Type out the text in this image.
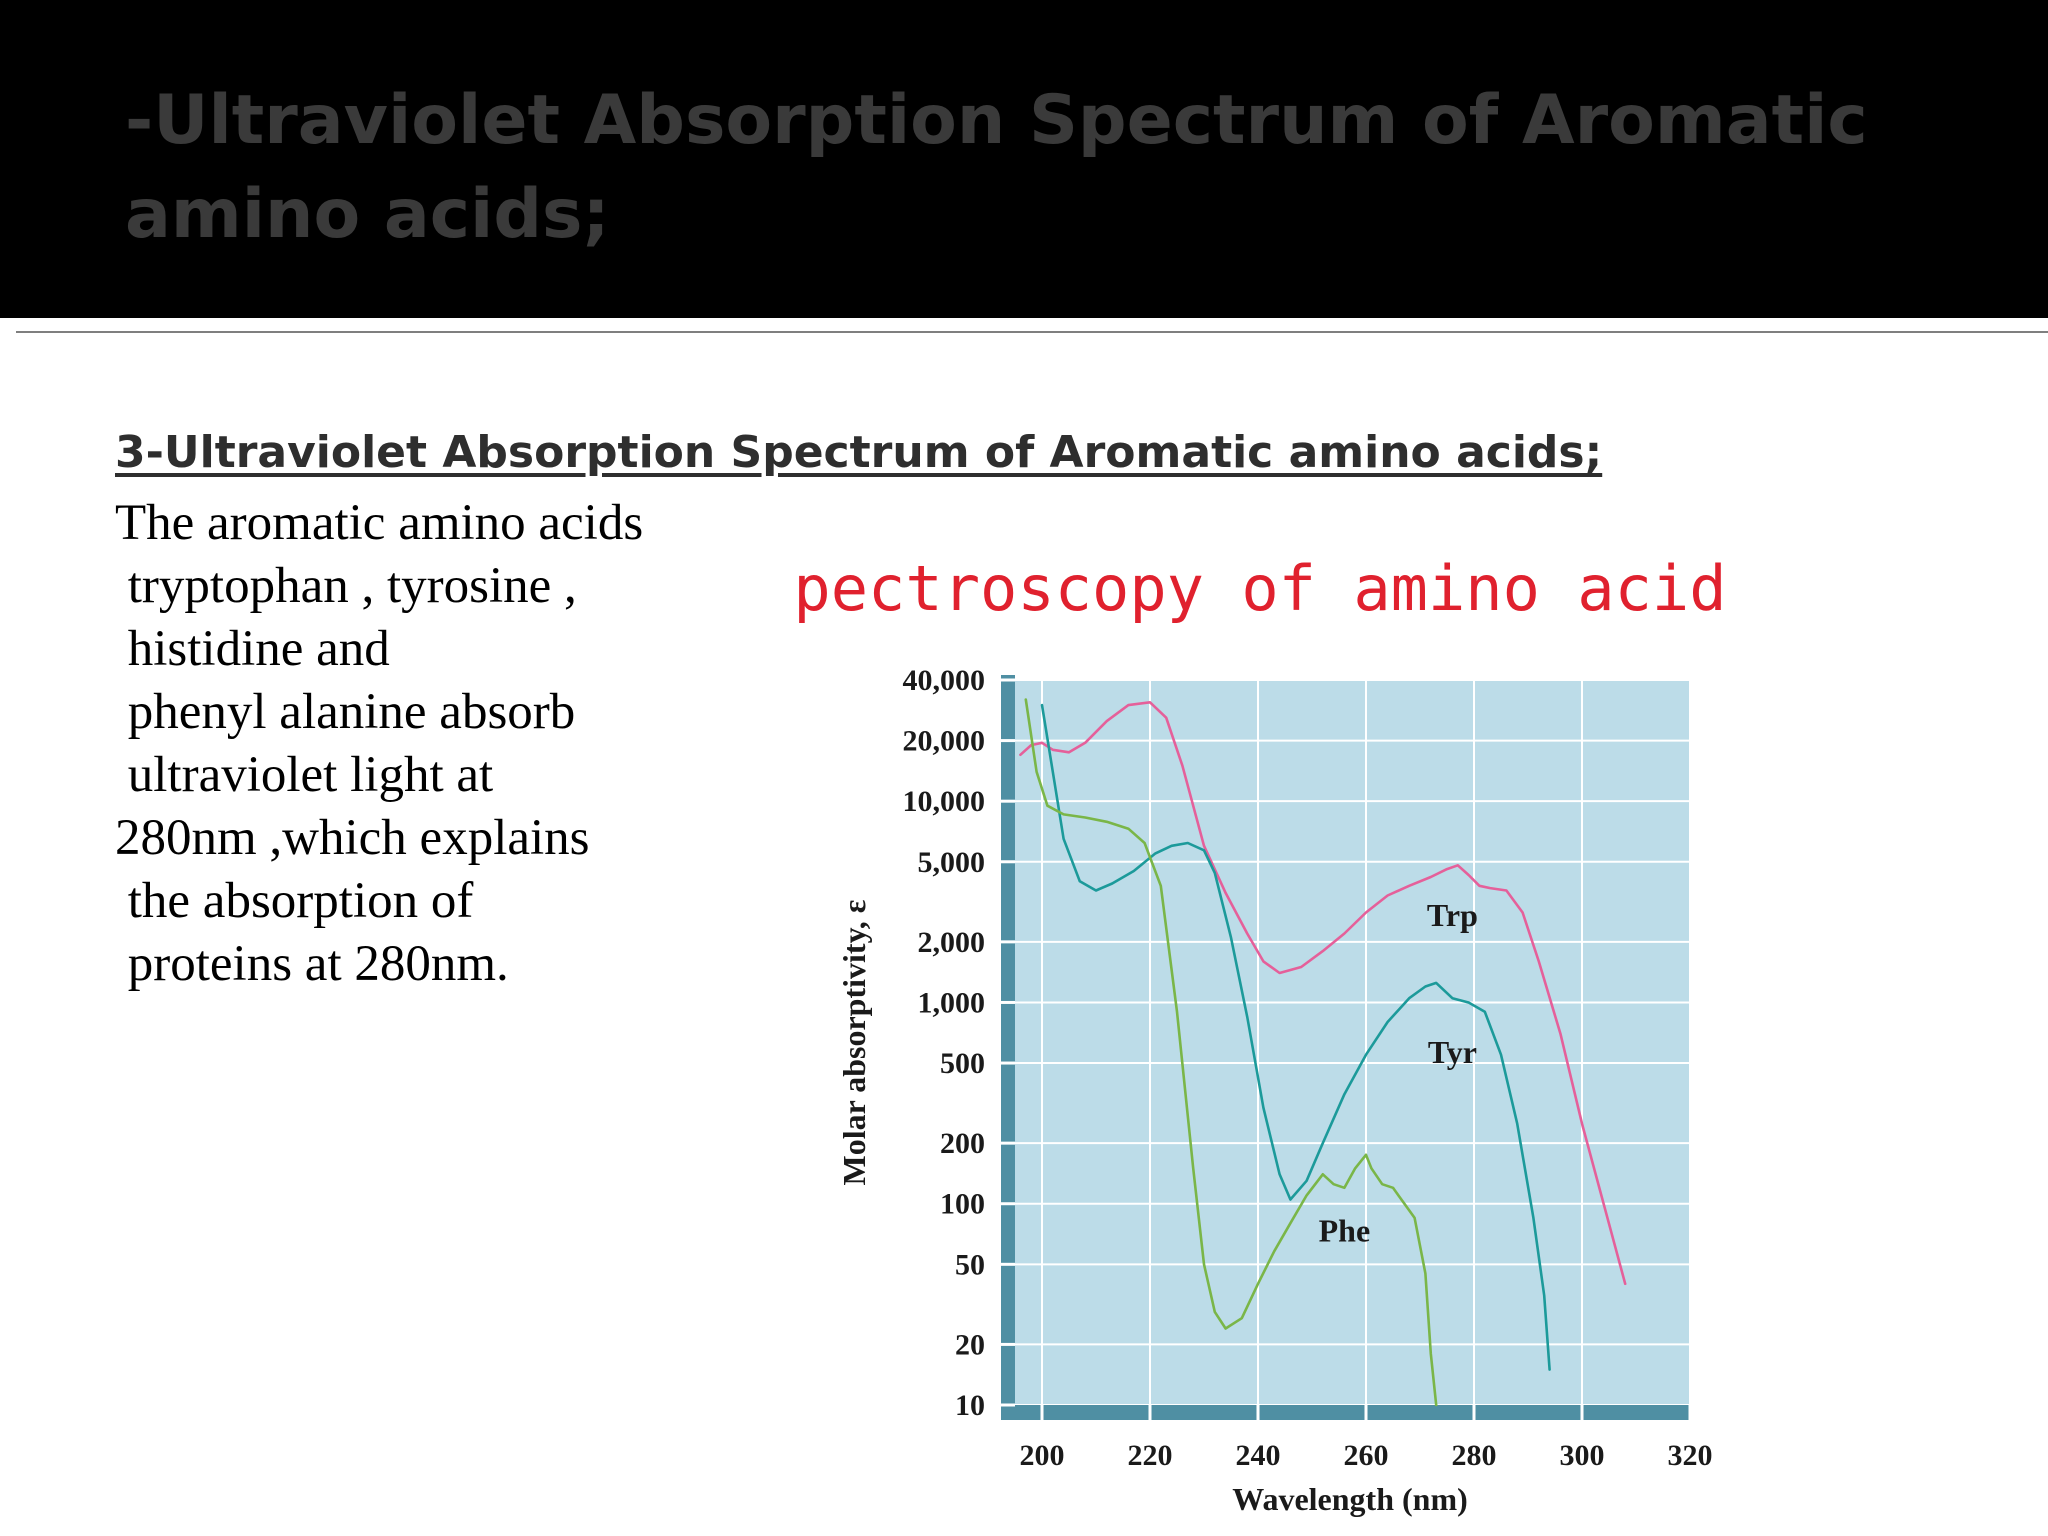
-Ultraviolet Absorption Spectrum of Aromatic amino acids;
3-Ultraviolet Absorption Spectrum of Aromatic amino acids;
The aromatic amino acids
tryptophan , tyrosine ,
histidine and
phenyl alanine absorb
ultraviolet light at
280nm ,which explains
the absorption of
proteins at 280nm.
Spectroscopy of amino acids
40,000
20,000
10,000
5,000
2,000
1,000
500
200
100
50
20
10
200 220 240 260 280 300 320
Wavelength (nm)
Molar absorptivity, ε	Trp
Tyr
Phe
